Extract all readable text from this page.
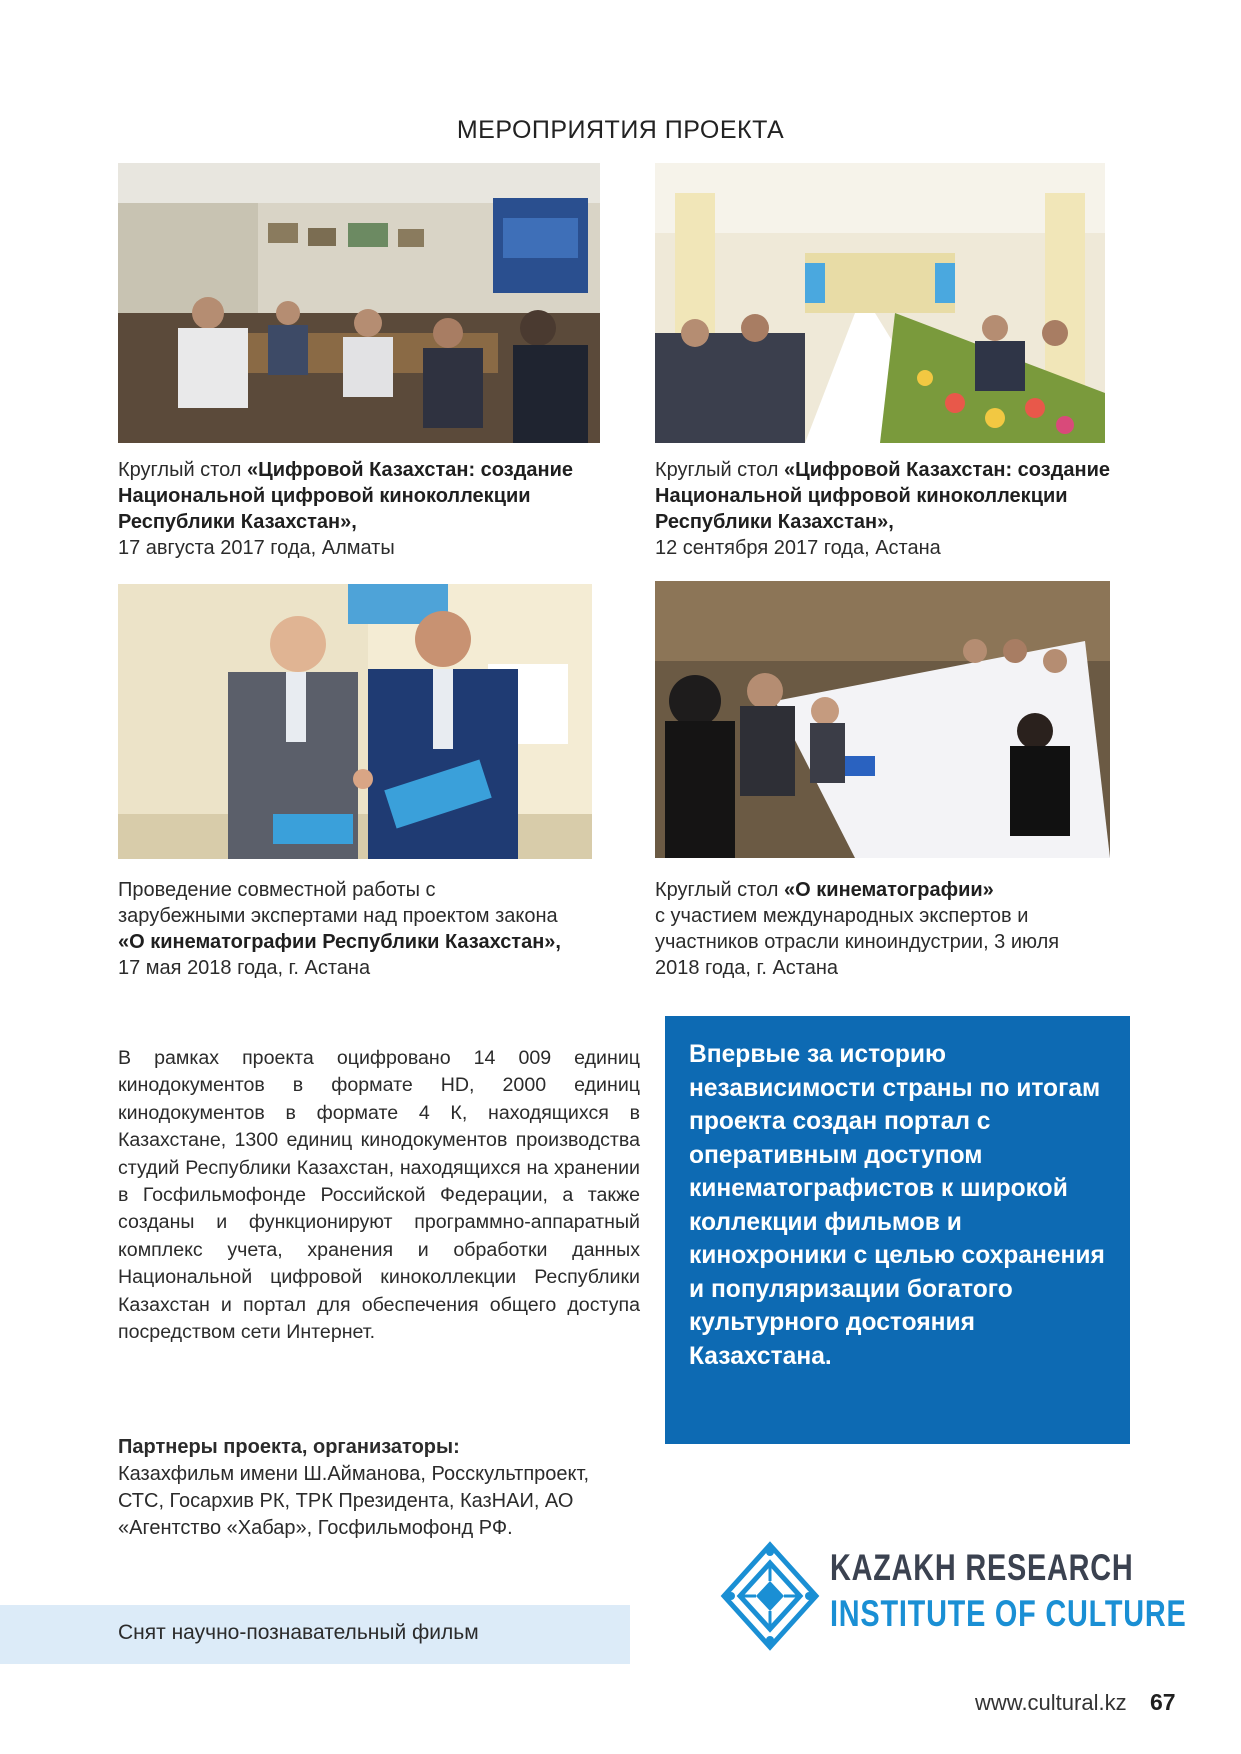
МЕРОПРИЯТИЯ ПРОЕКТА
Круглый стол «Цифровой Казахстан: создание Национальной цифровой киноколлекции Республики Казахстан»,
17 августа 2017 года, Алматы
Круглый стол «Цифровой Казахстан: создание Национальной цифровой киноколлекции Республики Казахстан»,
12 сентября 2017 года, Астана
Проведение совместной работы с зарубежными экспертами над проектом закона «О кинематографии Республики Казахстан», 17 мая 2018 года, г. Астана
Круглый стол «О кинематографии»
с участием международных экспертов и участников отрасли киноиндустрии, 3 июля 2018 года, г. Астана
В рамках проекта оцифровано 14 009 единиц кинодокументов в формате HD, 2000 единиц кинодокументов в формате 4 К, находящихся в Казахстане, 1300 единиц кинодокументов производства студий Республики Казахстан, находящихся на хранении в Госфильмофонде Российской Федерации, а также созданы и функционируют программно-аппаратный комплекс учета, хранения и обработки данных Национальной цифровой киноколлекции Республики Казахстан и портал для обеспечения общего доступа посредством сети Интернет.
Впервые за историю независимости страны по итогам проекта создан портал с оперативным доступом кинематографистов к широкой коллекции фильмов и кинохроники с целью сохранения и популяризации богатого культурного достояния Казахстана.
Партнеры проекта, организаторы:
Казахфильм имени Ш.Айманова, Росскультпроект, СТС, Госархив РК, ТРК Президента, КазНАИ, АО «Агентство «Хабар», Госфильмофонд РФ.
Снят научно-познавательный фильм
KAZAKH RESEARCH
INSTITUTE OF CULTURE
www.cultural.kz 67
